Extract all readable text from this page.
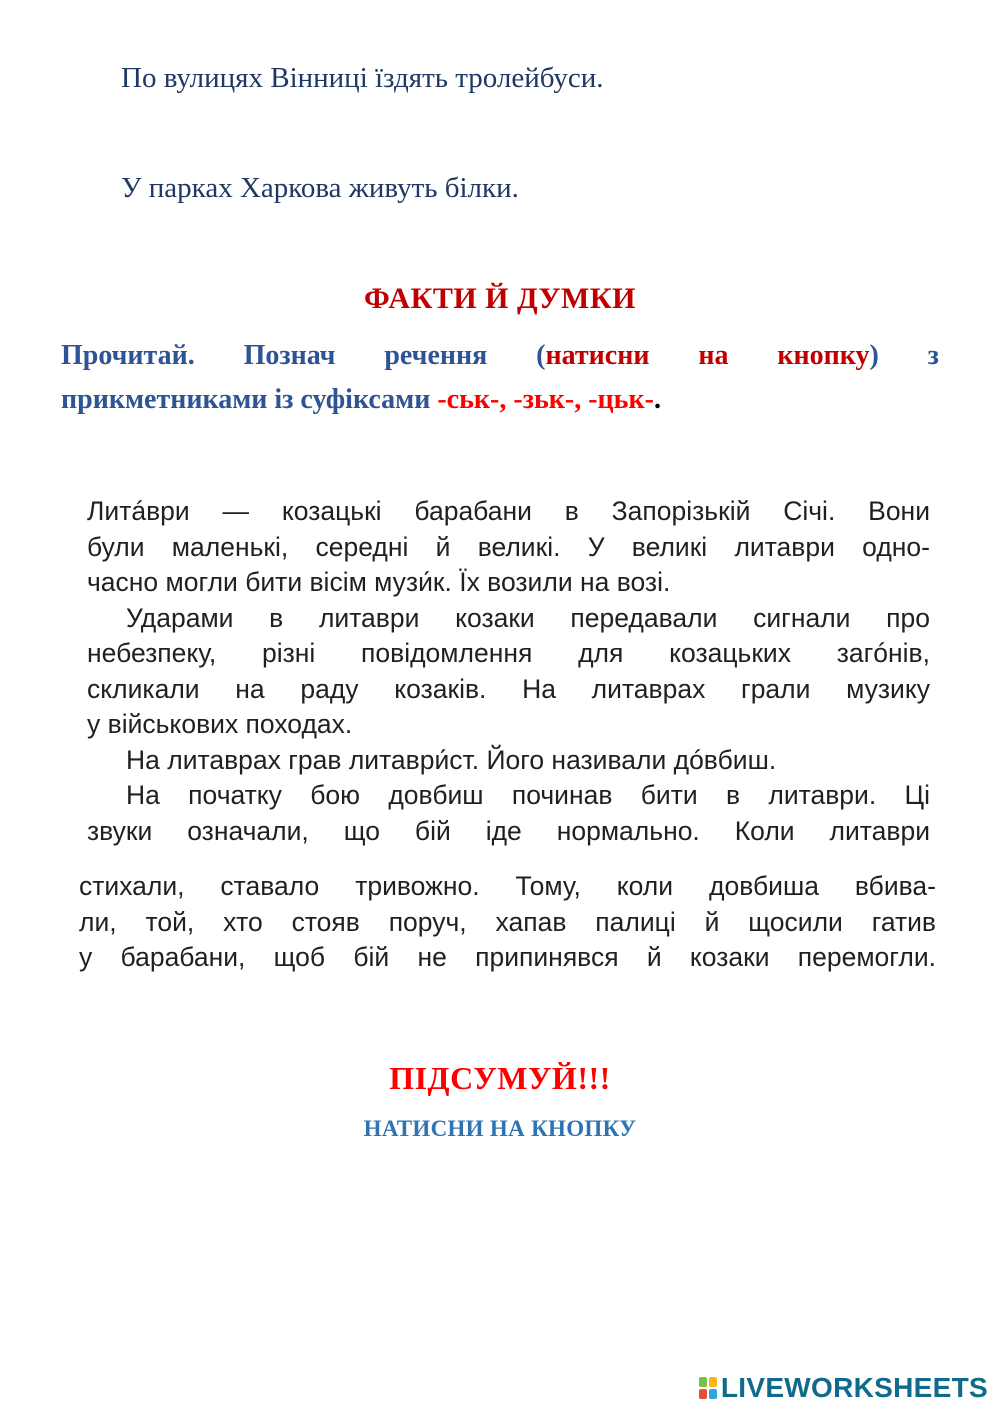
По вулицях Вінниці їздять тролейбуси.
У парках Харкова живуть білки.
ФАКТИ Й ДУМКИ
Прочитай. Познач речення (натисни на кнопку) з
прикметниками із суфіксами -ськ-, -зьк-, -цьк-.
Литáври — козацькі барабани в Запорізькій Січі. Вони
були маленькі, середні й великі. У великі литаври одно-
часно могли бити вісім музи́к. Їх возили на возі.
Ударами в литаври козаки передавали сигнали про
небезпеку, різні повідомлення для козацьких загóнів,
скликали на раду козаків. На литаврах грали музику
у військових походах.
На литаврах грав литаври́ст. Його називали дóвбиш.
На початку бою довбиш починав бити в литаври. Ці
звуки означали, що бій іде нормально. Коли литаври
стихали, ставало тривожно. Тому, коли довбиша вбива-
ли, той, хто стояв поруч, хапав палиці й щосили гатив
у барабани, щоб бій не припинявся й козаки перемогли.
ПІДСУМУЙ!!!
НАТИСНИ НА КНОПКУ
LIVEWORKSHEETS
